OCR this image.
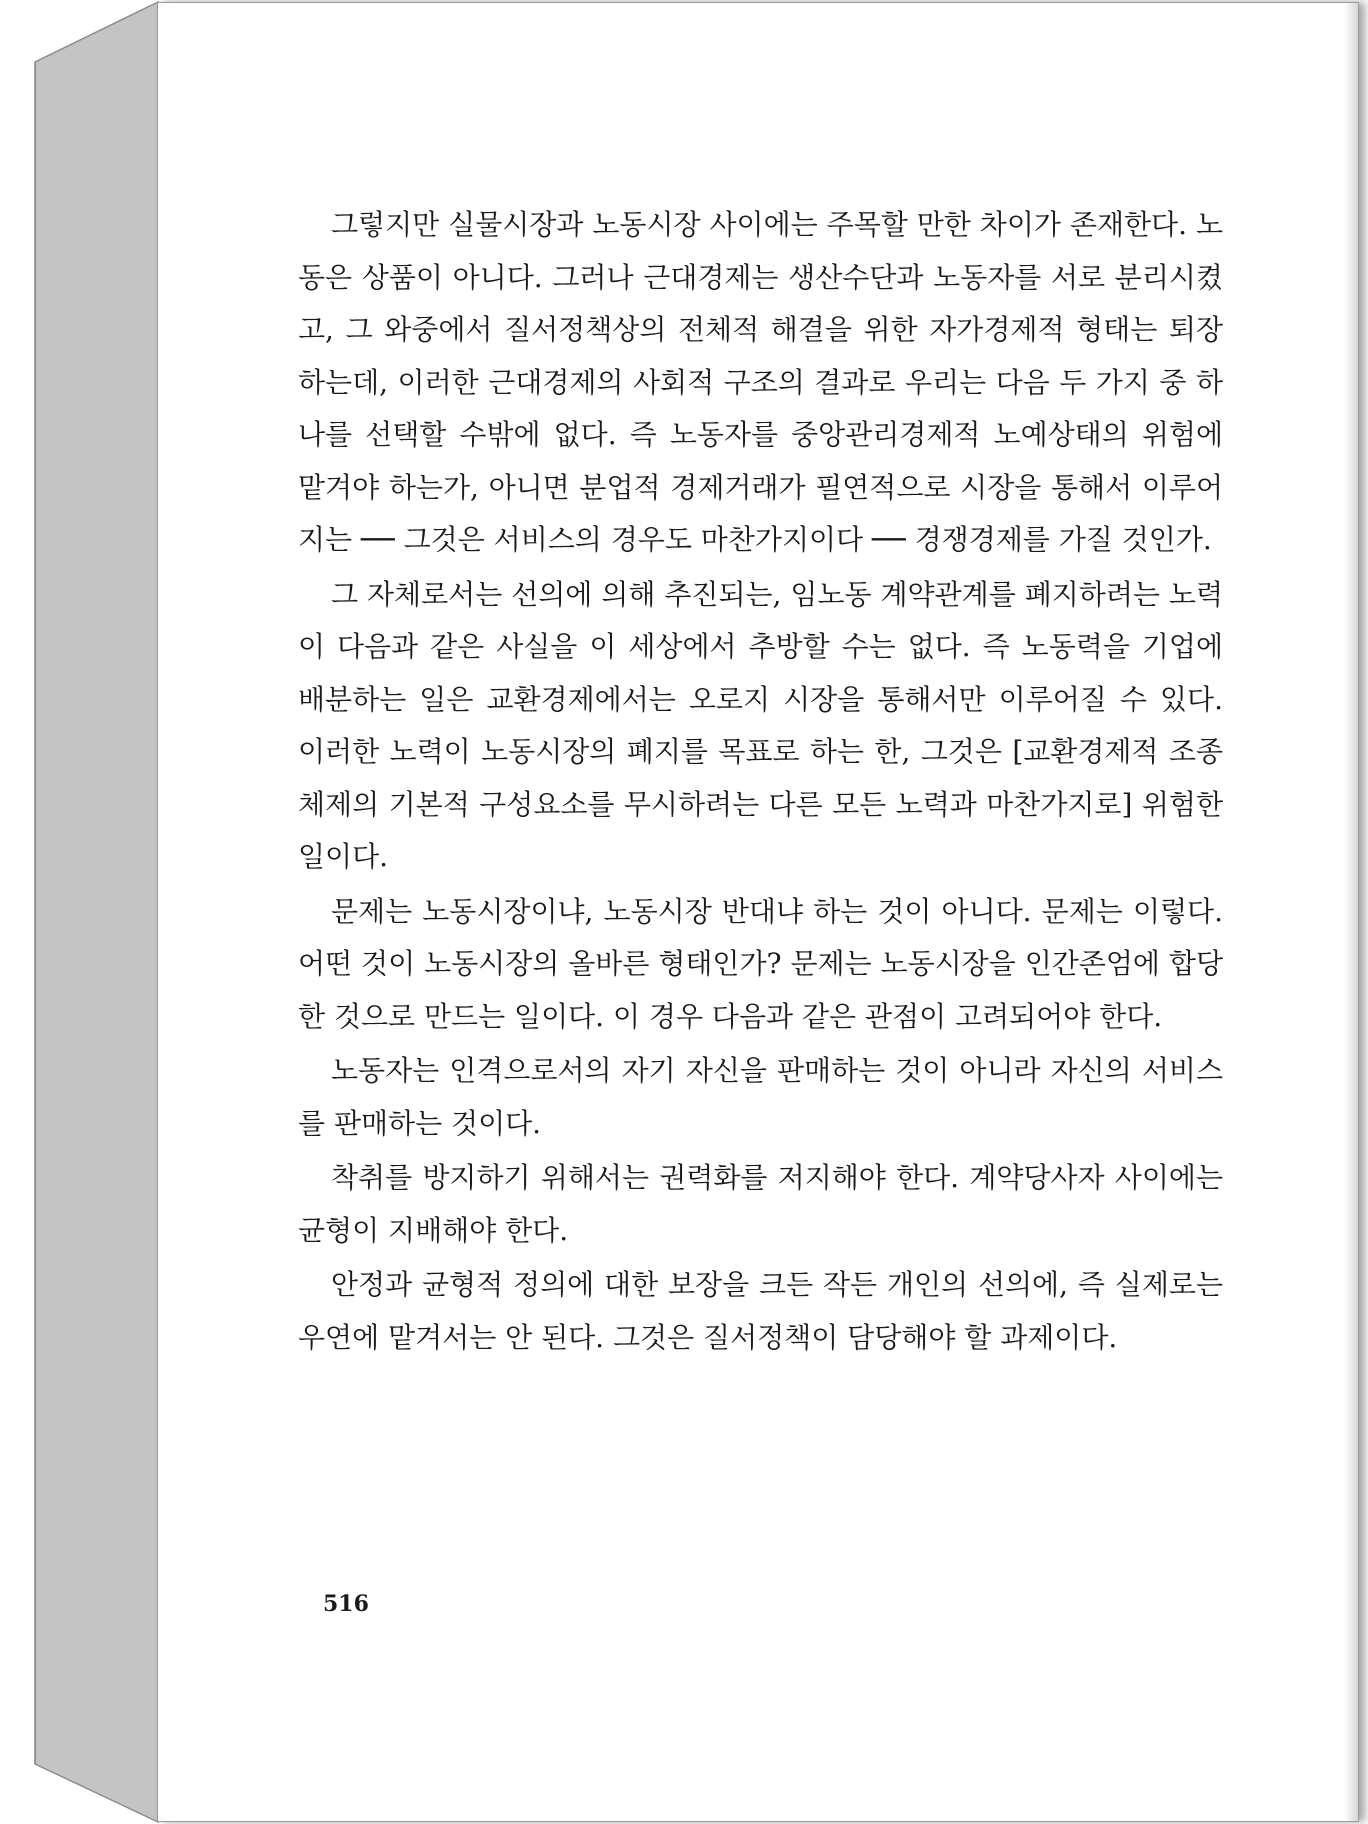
그렇지만 실물시장과 노동시장 사이에는 주목할 만한 차이가 존재한다. 노동은 상품이 아니다. 그러나 근대경제는 생산수단과 노동자를 서로 분리시켰고, 그 와중에서 질서정책상의 전체적 해결을 위한 자가경제적 형태는 퇴장하는데, 이러한 근대경제의 사회적 구조의 결과로 우리는 다음 두 가지 중 하나를 선택할 수밖에 없다. 즉 노동자를 중앙관리경제적 노예상태의 위험에 맡겨야 하는가, 아니면 분업적 경제거래가 필연적으로 시장을 통해서 이루어지는 ── 그것은 서비스의 경우도 마찬가지이다 ── 경쟁경제를 가질 것인가.

그 자체로서는 선의에 의해 추진되는, 임노동 계약관계를 폐지하려는 노력이 다음과 같은 사실을 이 세상에서 추방할 수는 없다. 즉 노동력을 기업에 배분하는 일은 교환경제에서는 오로지 시장을 통해서만 이루어질 수 있다. 이러한 노력이 노동시장의 폐지를 목표로 하는 한, 그것은 [교환경제적 조종체제의 기본적 구성요소를 무시하려는 다른 모든 노력과 마찬가지로] 위험한 일이다.

문제는 노동시장이냐, 노동시장 반대냐 하는 것이 아니다. 문제는 이렇다. 어떤 것이 노동시장의 올바른 형태인가? 문제는 노동시장을 인간존엄에 합당한 것으로 만드는 일이다. 이 경우 다음과 같은 관점이 고려되어야 한다.

노동자는 인격으로서의 자기 자신을 판매하는 것이 아니라 자신의 서비스를 판매하는 것이다.

착취를 방지하기 위해서는 권력화를 저지해야 한다. 계약당사자 사이에는 균형이 지배해야 한다.

안정과 균형적 정의에 대한 보장을 크든 작든 개인의 선의에, 즉 실제로는 우연에 맡겨서는 안 된다. 그것은 질서정책이 담당해야 할 과제이다.

516
